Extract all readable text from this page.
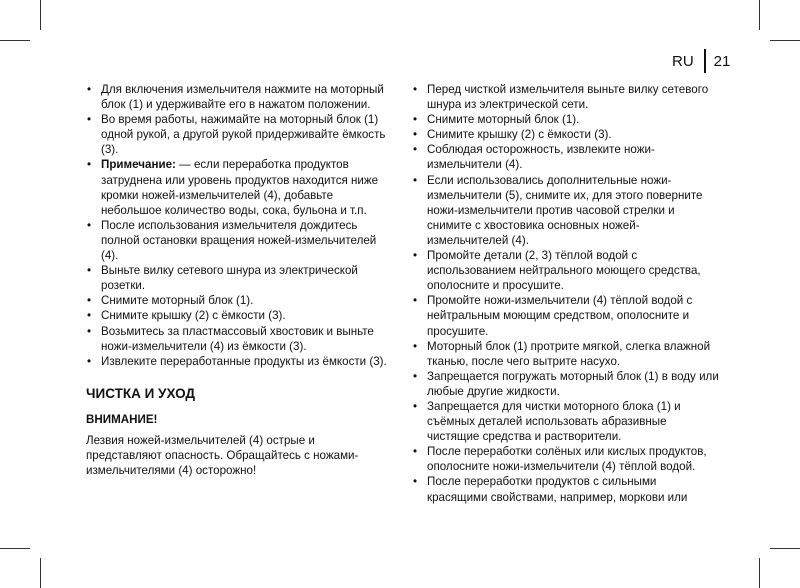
RU 21
• Для включения измельчителя нажмите на моторный блок (1) и удерживайте его в нажатом положении.
• Во время работы, нажимайте на моторный блок (1) одной рукой, а другой рукой придерживайте ёмкость (3).
• Примечание: — если переработка продуктов затруднена или уровень продуктов находится ниже кромки ножей-измельчителей (4), добавьте небольшое количество воды, сока, бульона и т.п.
• После использования измельчителя дождитесь полной остановки вращения ножей-измельчителей (4).
• Выньте вилку сетевого шнура из электрической розетки.
• Снимите моторный блок (1).
• Снимите крышку (2) с ёмкости (3).
• Возьмитесь за пластмассовый хвостовик и выньте ножи-измельчители (4) из ёмкости (3).
• Извлеките переработанные продукты из ёмкости (3).
ЧИСТКА И УХОД
ВНИМАНИЕ!
Лезвия ножей-измельчителей (4) острые и представляют опасность. Обращайтесь с ножами-измельчителями (4) осторожно!
• Перед чисткой измельчителя выньте вилку сетевого шнура из электрической сети.
• Снимите моторный блок (1).
• Снимите крышку (2) с ёмкости (3).
• Соблюдая осторожность, извлеките ножи-измельчители (4).
• Если использовались дополнительные ножи-измельчители (5), снимите их, для этого поверните ножи-измельчители против часовой стрелки и снимите с хвостовика основных ножей-измельчителей (4).
• Промойте детали (2, 3) тёплой водой с использованием нейтрального моющего средства, ополосните и просушите.
• Промойте ножи-измельчители (4) тёплой водой с нейтральным моющим средством, ополосните и просушите.
• Моторный блок (1) протрите мягкой, слегка влажной тканью, после чего вытрите насухо.
• Запрещается погружать моторный блок (1) в воду или любые другие жидкости.
• Запрещается для чистки моторного блока (1) и съёмных деталей использовать абразивные чистящие средства и растворители.
• После переработки солёных или кислых продуктов, ополосните ножи-измельчители (4) тёплой водой.
• После переработки продуктов с сильными красящими свойствами, например, моркови или
